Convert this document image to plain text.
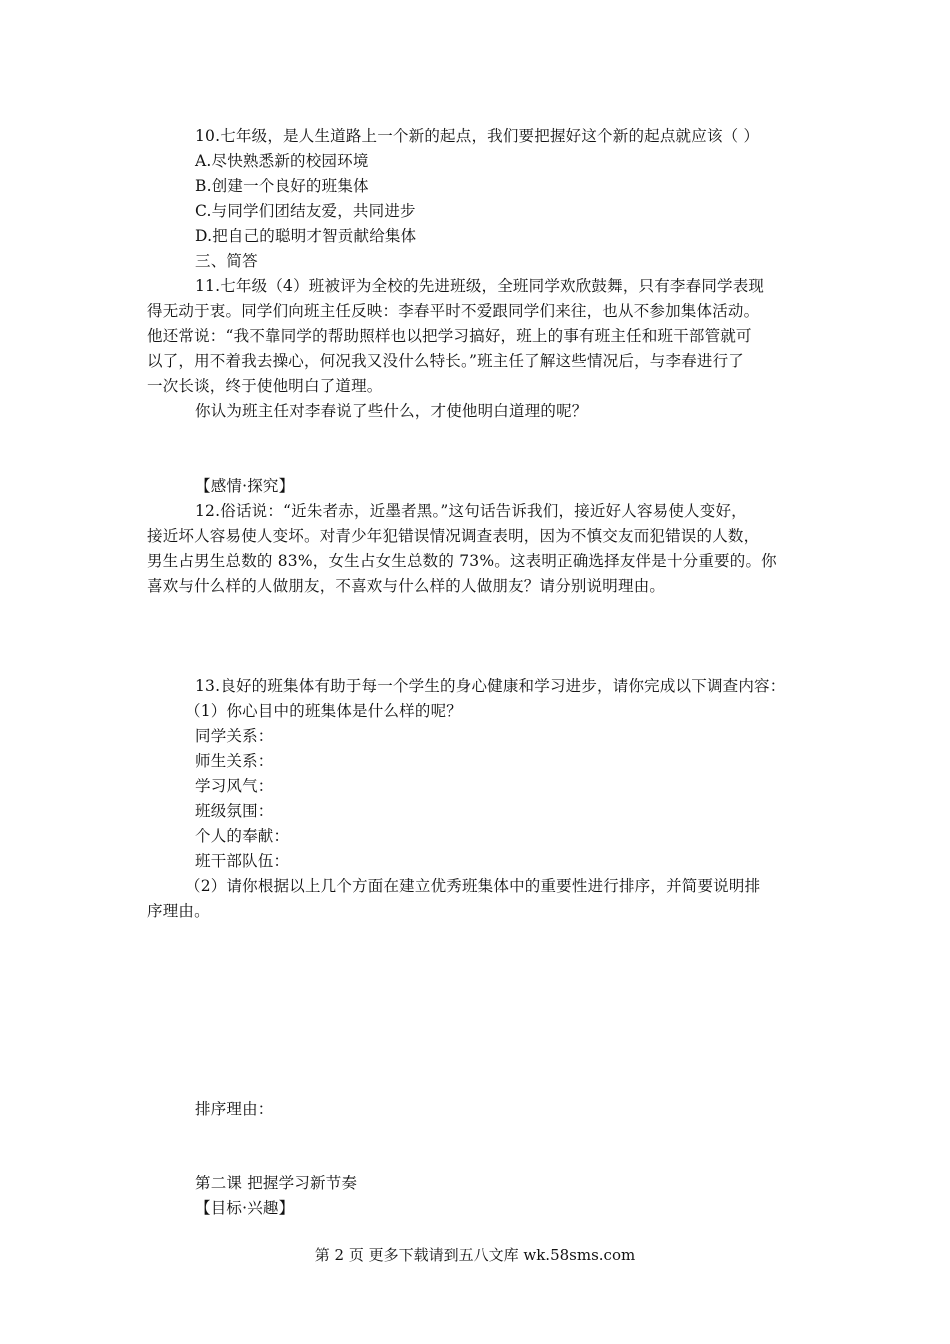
10.七年级，是人生道路上一个新的起点，我们要把握好这个新的起点就应该（ ）
A.尽快熟悉新的校园环境
B.创建一个良好的班集体
C.与同学们团结友爱，共同进步
D.把自己的聪明才智贡献给集体
三、简答
11.七年级（4）班被评为全校的先进班级，全班同学欢欣鼓舞，只有李春同学表现
得无动于衷。同学们向班主任反映：李春平时不爱跟同学们来往，也从不参加集体活动。
他还常说：“我不靠同学的帮助照样也以把学习搞好，班上的事有班主任和班干部管就可
以了，用不着我去操心，何况我又没什么特长。”班主任了解这些情况后，与李春进行了
一次长谈，终于使他明白了道理。
你认为班主任对李春说了些什么，才使他明白道理的呢？
【感情·探究】
12.俗话说：“近朱者赤，近墨者黑。”这句话告诉我们，接近好人容易使人变好，
接近坏人容易使人变坏。对青少年犯错误情况调查表明，因为不慎交友而犯错误的人数，
男生占男生总数的 83%，女生占女生总数的 73%。这表明正确选择友伴是十分重要的。你
喜欢与什么样的人做朋友，不喜欢与什么样的人做朋友？请分别说明理由。
13.良好的班集体有助于每一个学生的身心健康和学习进步，请你完成以下调查内容：
（1）你心目中的班集体是什么样的呢？
同学关系：
师生关系：
学习风气：
班级氛围：
个人的奉献：
班干部队伍：
（2）请你根据以上几个方面在建立优秀班集体中的重要性进行排序，并简要说明排
序理由。
排序理由：
第二课 把握学习新节奏
【目标·兴趣】
第 2 页 更多下载请到五八文库 wk.58sms.com
